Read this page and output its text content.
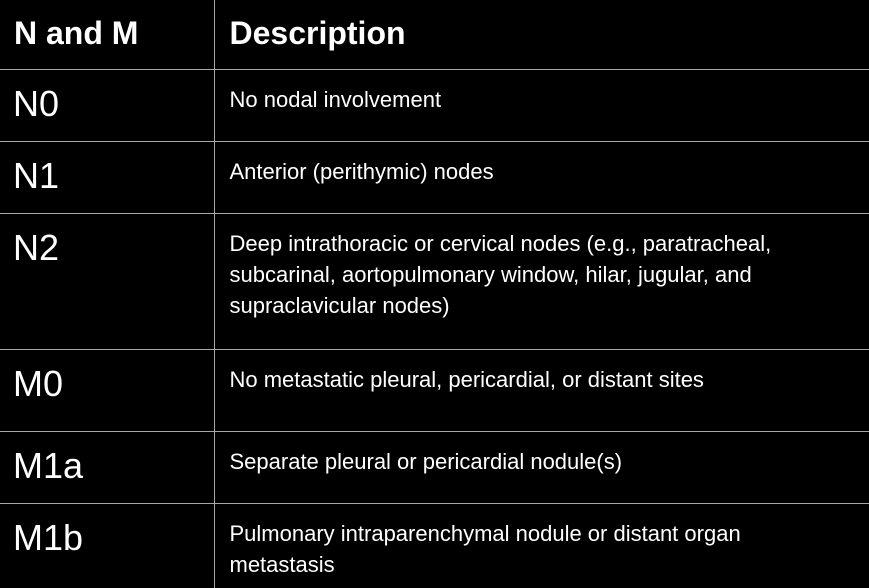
N and M	Description
N0	No nodal involvement
N1	Anterior (perithymic) nodes
N2	Deep intrathoracic or cervical nodes (e.g., paratracheal, subcarinal, aortopulmonary window, hilar, jugular, and supraclavicular nodes)
M0	No metastatic pleural, pericardial, or distant sites
M1a	Separate pleural or pericardial nodule(s)
M1b	Pulmonary intraparenchymal nodule or distant organ metastasis
